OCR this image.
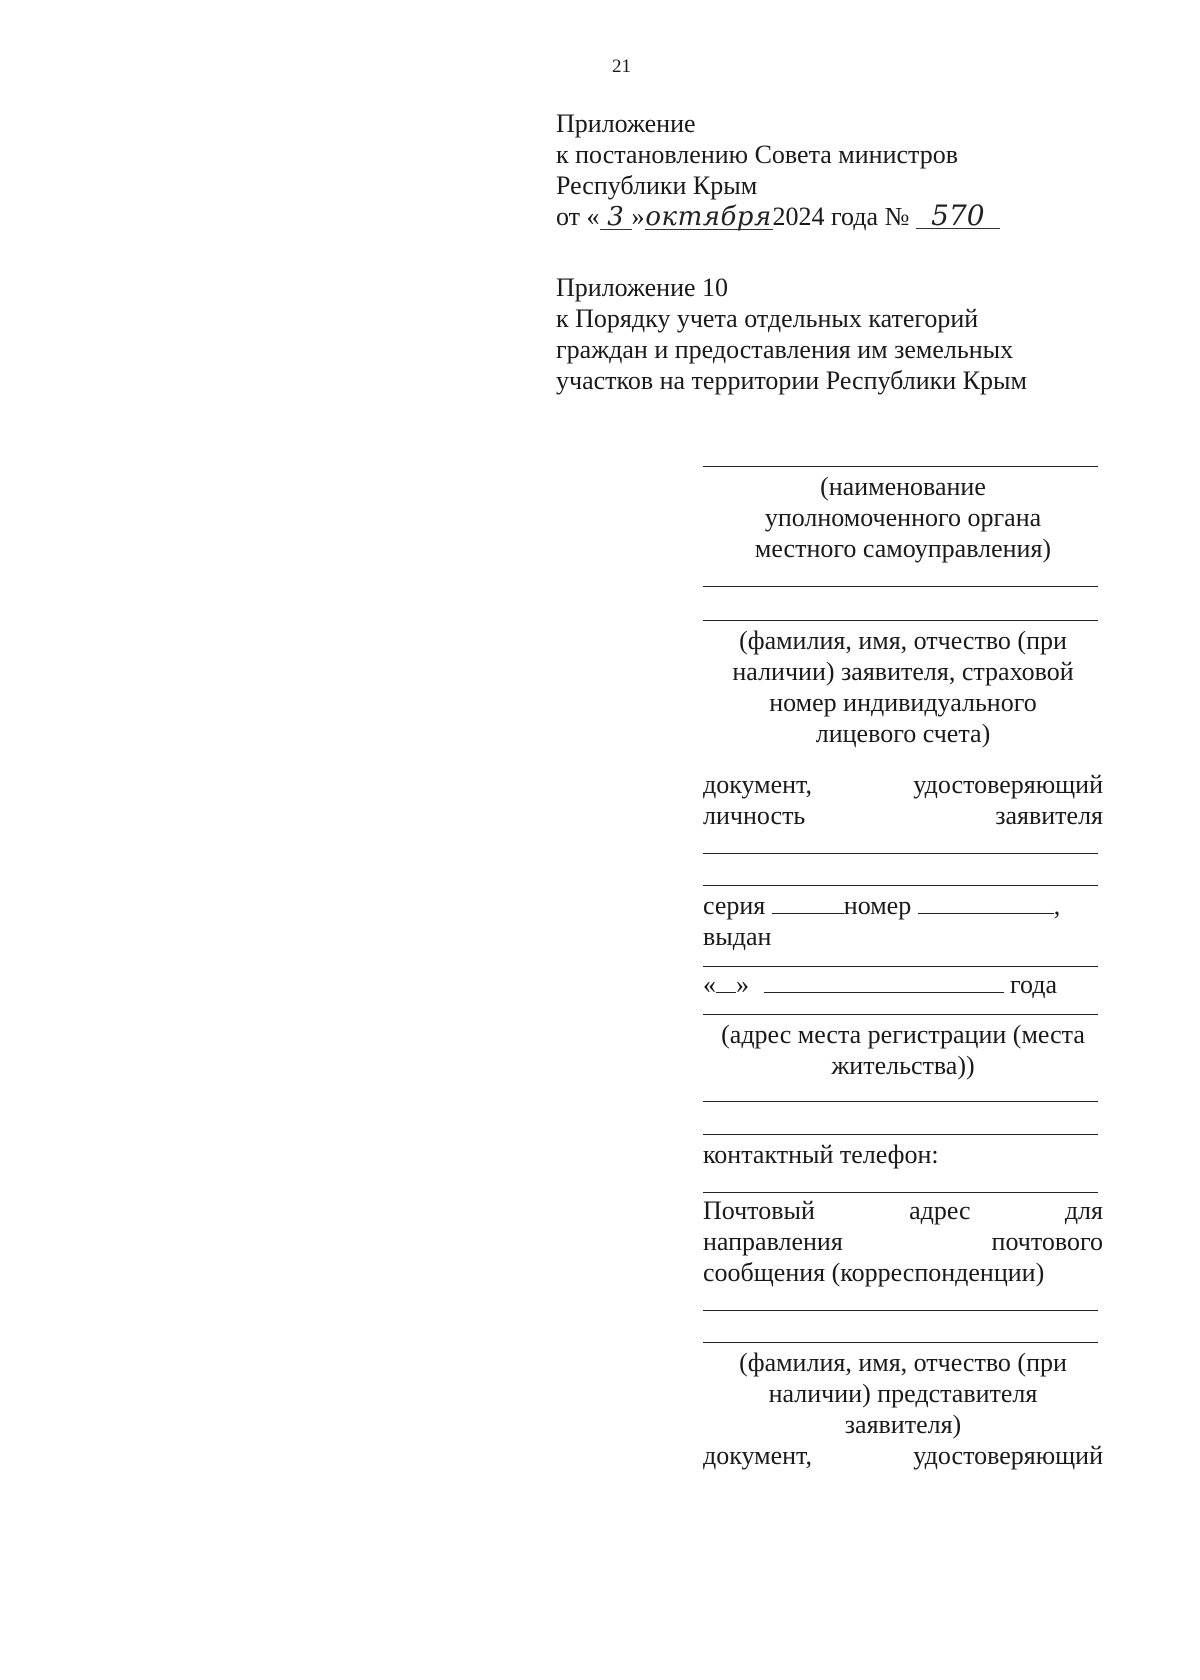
21
Приложение
к постановлению Совета министров
Республики Крым
от « 3 »октября2024 года № 570
Приложение 10
к Порядку учета отдельных категорий
граждан и предоставления им земельных
участков на территории Республики Крым
(наименование
уполномоченного органа
местного самоуправления)
(фамилия, имя, отчество (при
наличии) заявителя, страховой
номер индивидуального
лицевого счета)
документ,	удостоверяющий
личность	заявителя
серия	номер	,
выдан
« »	года
(адрес места регистрации (места
жительства))
контактный телефон:
Почтовый	адрес	для
направления	почтового
сообщения (корреспонденции)
(фамилия, имя, отчество (при
наличии) представителя
заявителя)
документ,	удостоверяющий
